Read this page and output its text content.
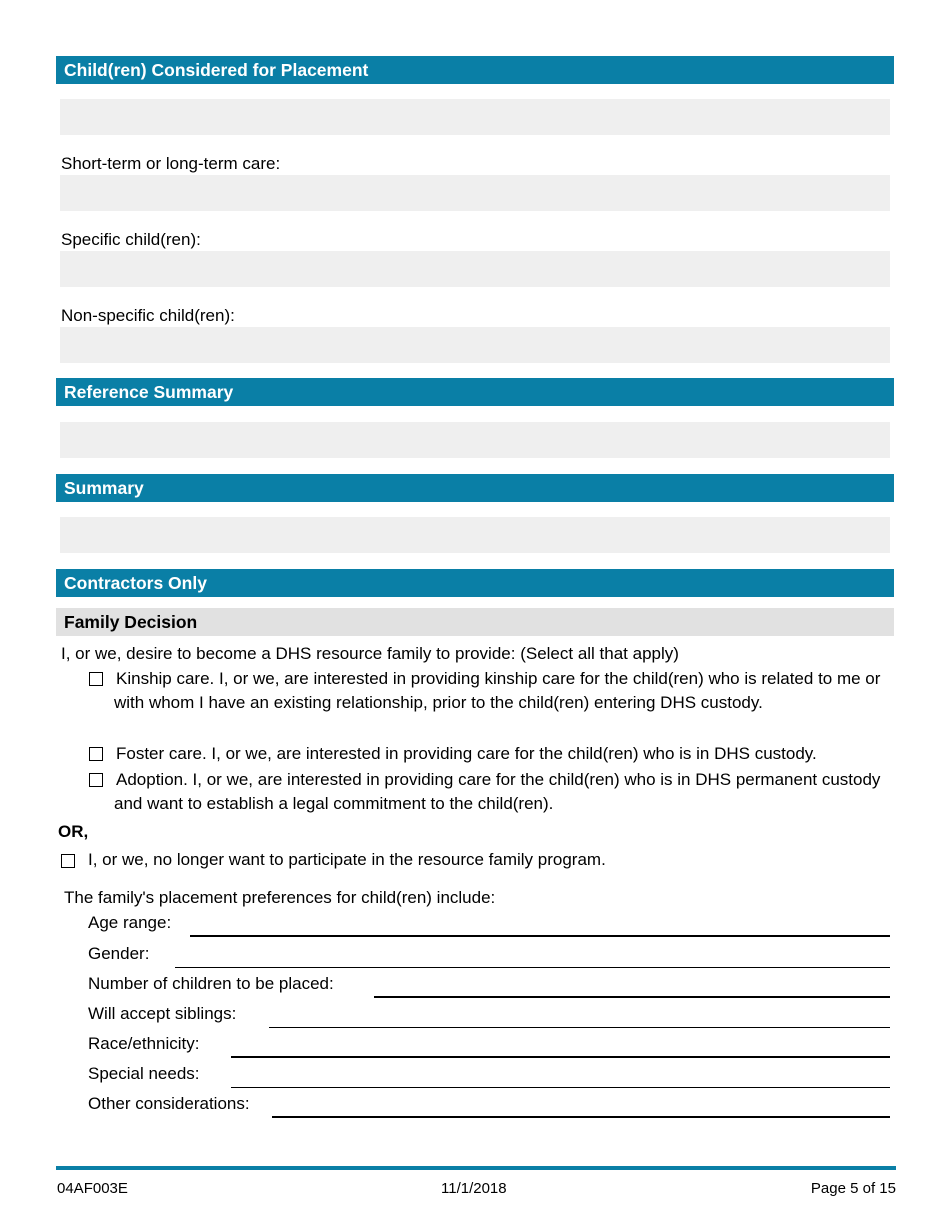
Child(ren) Considered for Placement
Short-term or long-term care:
Specific child(ren):
Non-specific child(ren):
Reference Summary
Summary
Contractors Only
Family Decision
I, or we, desire to become a DHS resource family to provide: (Select all that apply)
Kinship care. I, or we, are interested in providing kinship care for the child(ren) who is related to me or with whom I have an existing relationship, prior to the child(ren) entering DHS custody.
Foster care. I, or we, are interested in providing care for the child(ren) who is in DHS custody.
Adoption. I, or we, are interested in providing care for the child(ren) who is in DHS permanent custody and want to establish a legal commitment to the child(ren).
OR,
I, or we, no longer want to participate in the resource family program.
The family's placement preferences for child(ren) include:
Age range:
Gender:
Number of children to be placed:
Will accept siblings:
Race/ethnicity:
Special needs:
Other considerations:
04AF003E	11/1/2018	Page 5 of 15
